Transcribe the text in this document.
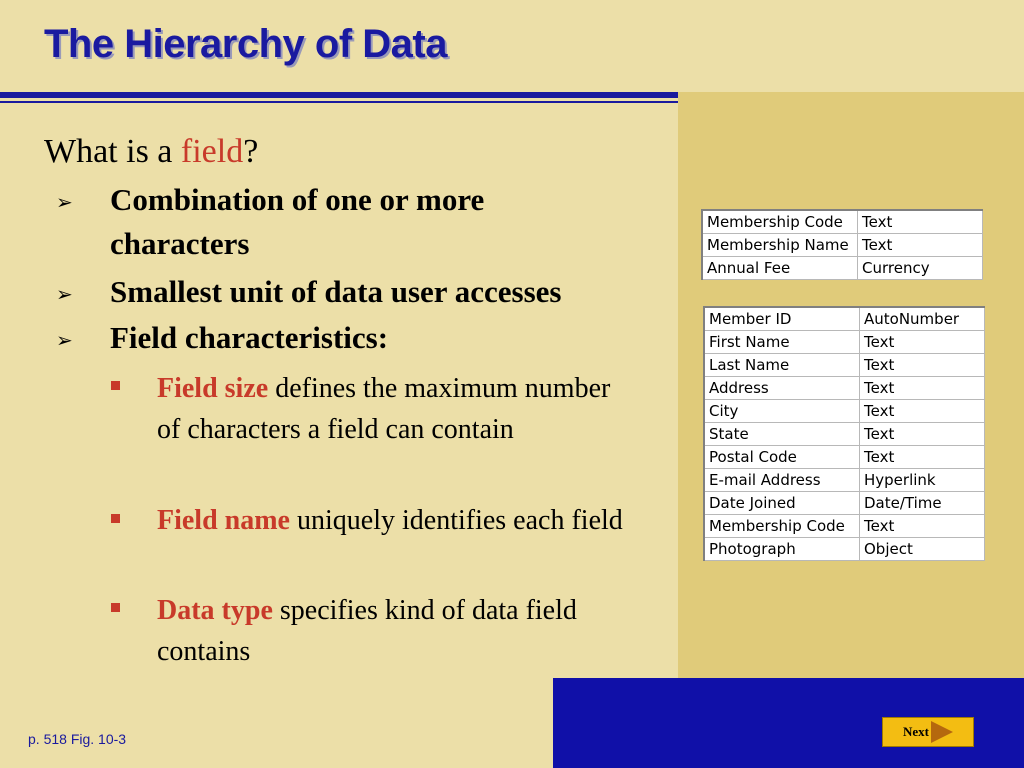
The Hierarchy of Data
What is a field?
➢ Combination of one or more
characters
➢ Smallest unit of data user accesses
➢ Field characteristics:
Field size defines the maximum number of characters a field can contain
Field name uniquely identifies each field
Data type specifies kind of data field contains
Membership Code	Text
Membership Name	Text
Annual Fee	Currency
Member ID	AutoNumber
First Name	Text
Last Name	Text
Address	Text
City	Text
State	Text
Postal Code	Text
E-mail Address	Hyperlink
Date Joined	Date/Time
Membership Code	Text
Photograph	Object
p. 518 Fig. 10-3	Next
